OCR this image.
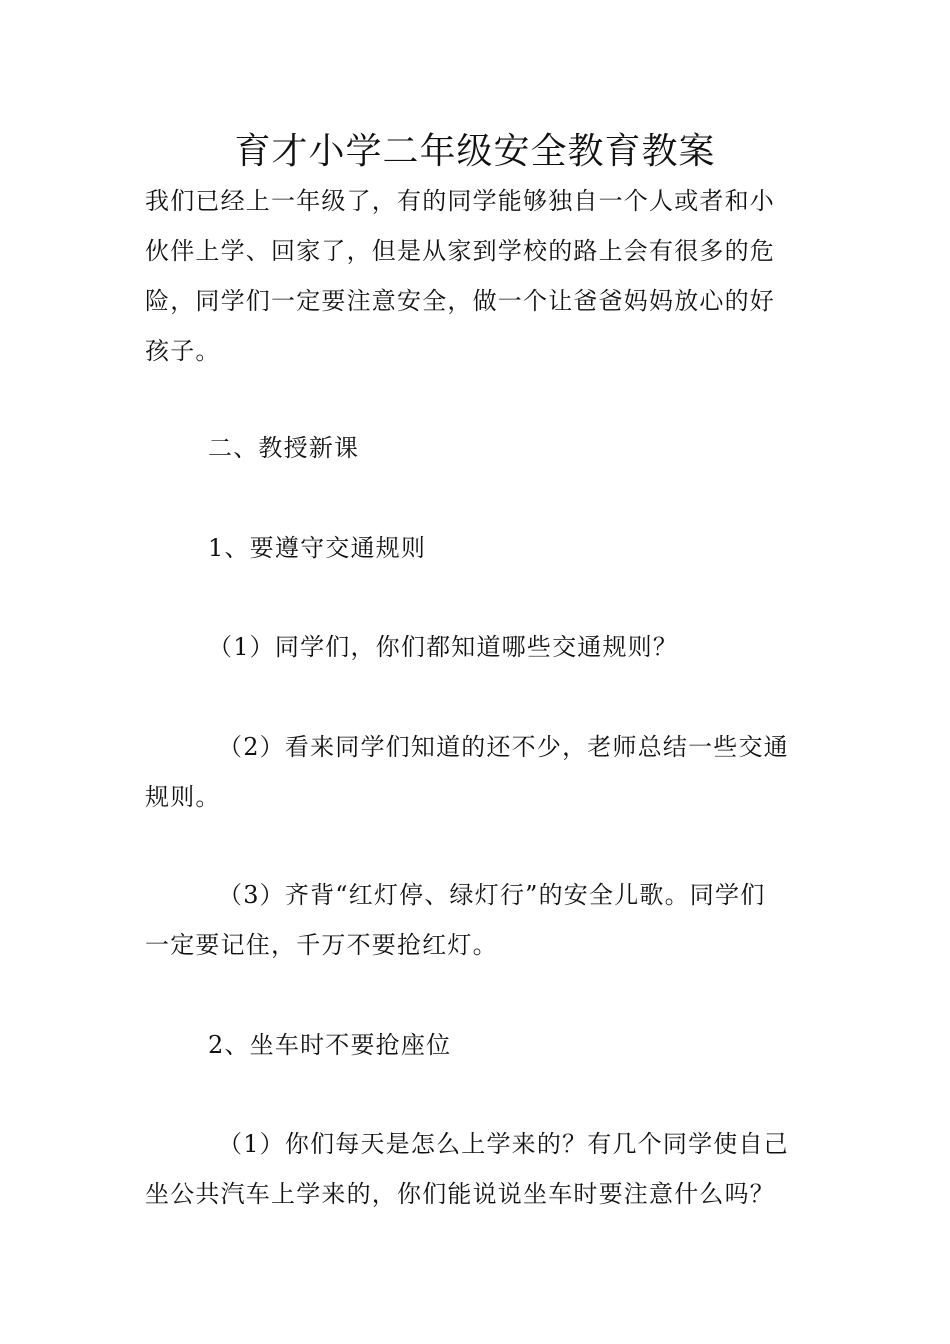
育才小学二年级安全教育教案
我们已经上一年级了，有的同学能够独自一个人或者和小
伙伴上学、回家了，但是从家到学校的路上会有很多的危
险，同学们一定要注意安全，做一个让爸爸妈妈放心的好
孩子。
二、教授新课
1、要遵守交通规则
（1）同学们，你们都知道哪些交通规则？
（2）看来同学们知道的还不少，老师总结一些交通
规则。
（3）齐背“红灯停、绿灯行”的安全儿歌。同学们
一定要记住，千万不要抢红灯。
2、坐车时不要抢座位
（1）你们每天是怎么上学来的？有几个同学使自己
坐公共汽车上学来的，你们能说说坐车时要注意什么吗？
